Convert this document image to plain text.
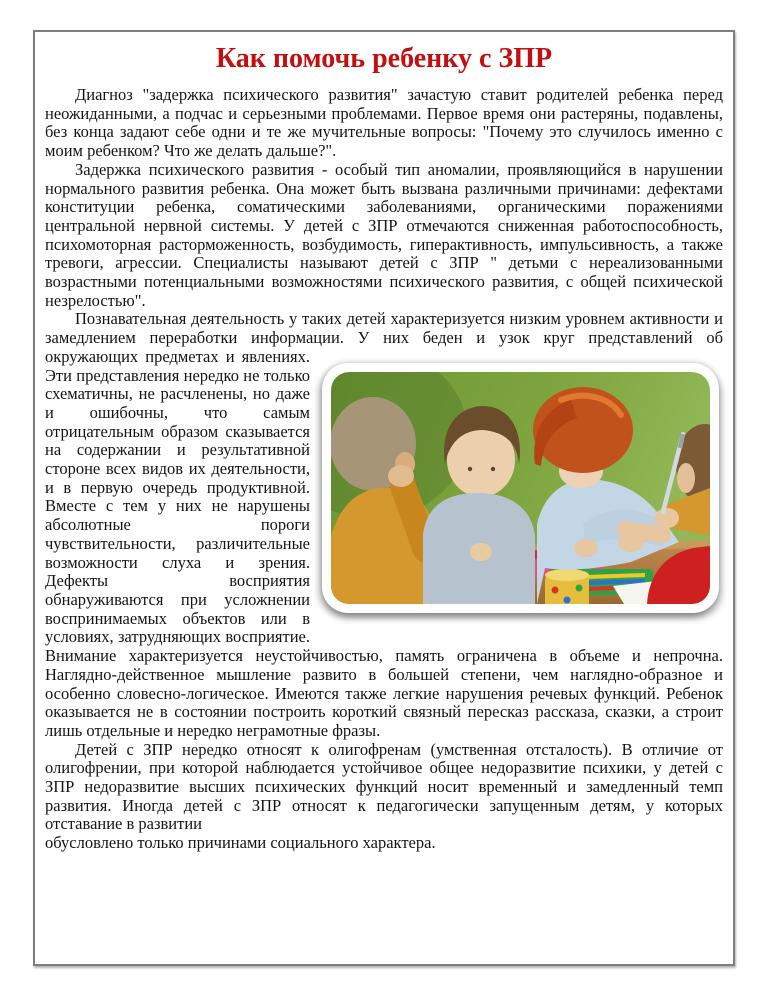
Как помочь ребенку с ЗПР

Диагноз "задержка психического развития" зачастую ставит родителей ребенка перед неожиданными, а подчас и серьезными проблемами. Первое время они растеряны, подавлены, без конца задают себе одни и те же мучительные вопросы: "Почему это случилось именно с моим ребенком? Что же делать дальше?".

Задержка психического развития - особый тип аномалии, проявляющийся в нарушении нормального развития ребенка. Она может быть вызвана различными причинами: дефектами конституции ребенка, соматическими заболеваниями, органическими поражениями центральной нервной системы. У детей с ЗПР отмечаются сниженная работоспособность, психомоторная расторможенность, возбудимость, гиперактивность, импульсивность, а также тревоги, агрессии. Специалисты называют детей с ЗПР " детьми с нереализованными возрастными потенциальными возможностями психического развития, с общей психической незрелостью".

Познавательная деятельность у таких детей характеризуется низким уровнем активности и замедлением переработки информации. У них беден и узок круг
представлений об окружающих предметах и явлениях. Эти представления нередко не только схематичны, не расчленены, но даже и ошибочны, что самым отрицательным образом сказывается на содержании и результативной стороне всех видов их деятельности, и в первую очередь продуктивной. Вместе с тем у них не нарушены абсолютные пороги чувствительности, различительные возможности слуха и зрения. Дефекты восприятия обнаруживаются при усложнении воспринимаемых объектов или в условиях, затрудняющих восприятие. Внимание характеризуется неустойчивостью, память ограничена в объеме и непрочна. Наглядно-действенное мышление развито в большей степени, чем наглядно-образное и особенно словесно-логическое. Имеются также легкие нарушения речевых функций. Ребенок оказывается не в состоянии построить короткий связный пересказ рассказа, сказки, а строит лишь отдельные и нередко неграмотные фразы.

Детей с ЗПР нередко относят к олигофренам (умственная отсталость). В отличие от олигофрении, при которой наблюдается устойчивое общее недоразвитие психики, у детей с ЗПР недоразвитие высших психических функций носит временный и замедленный темп развития. Иногда детей с ЗПР относят к педагогически запущенным детям, у которых отставание в развитии
обусловлено только причинами социального характера.
